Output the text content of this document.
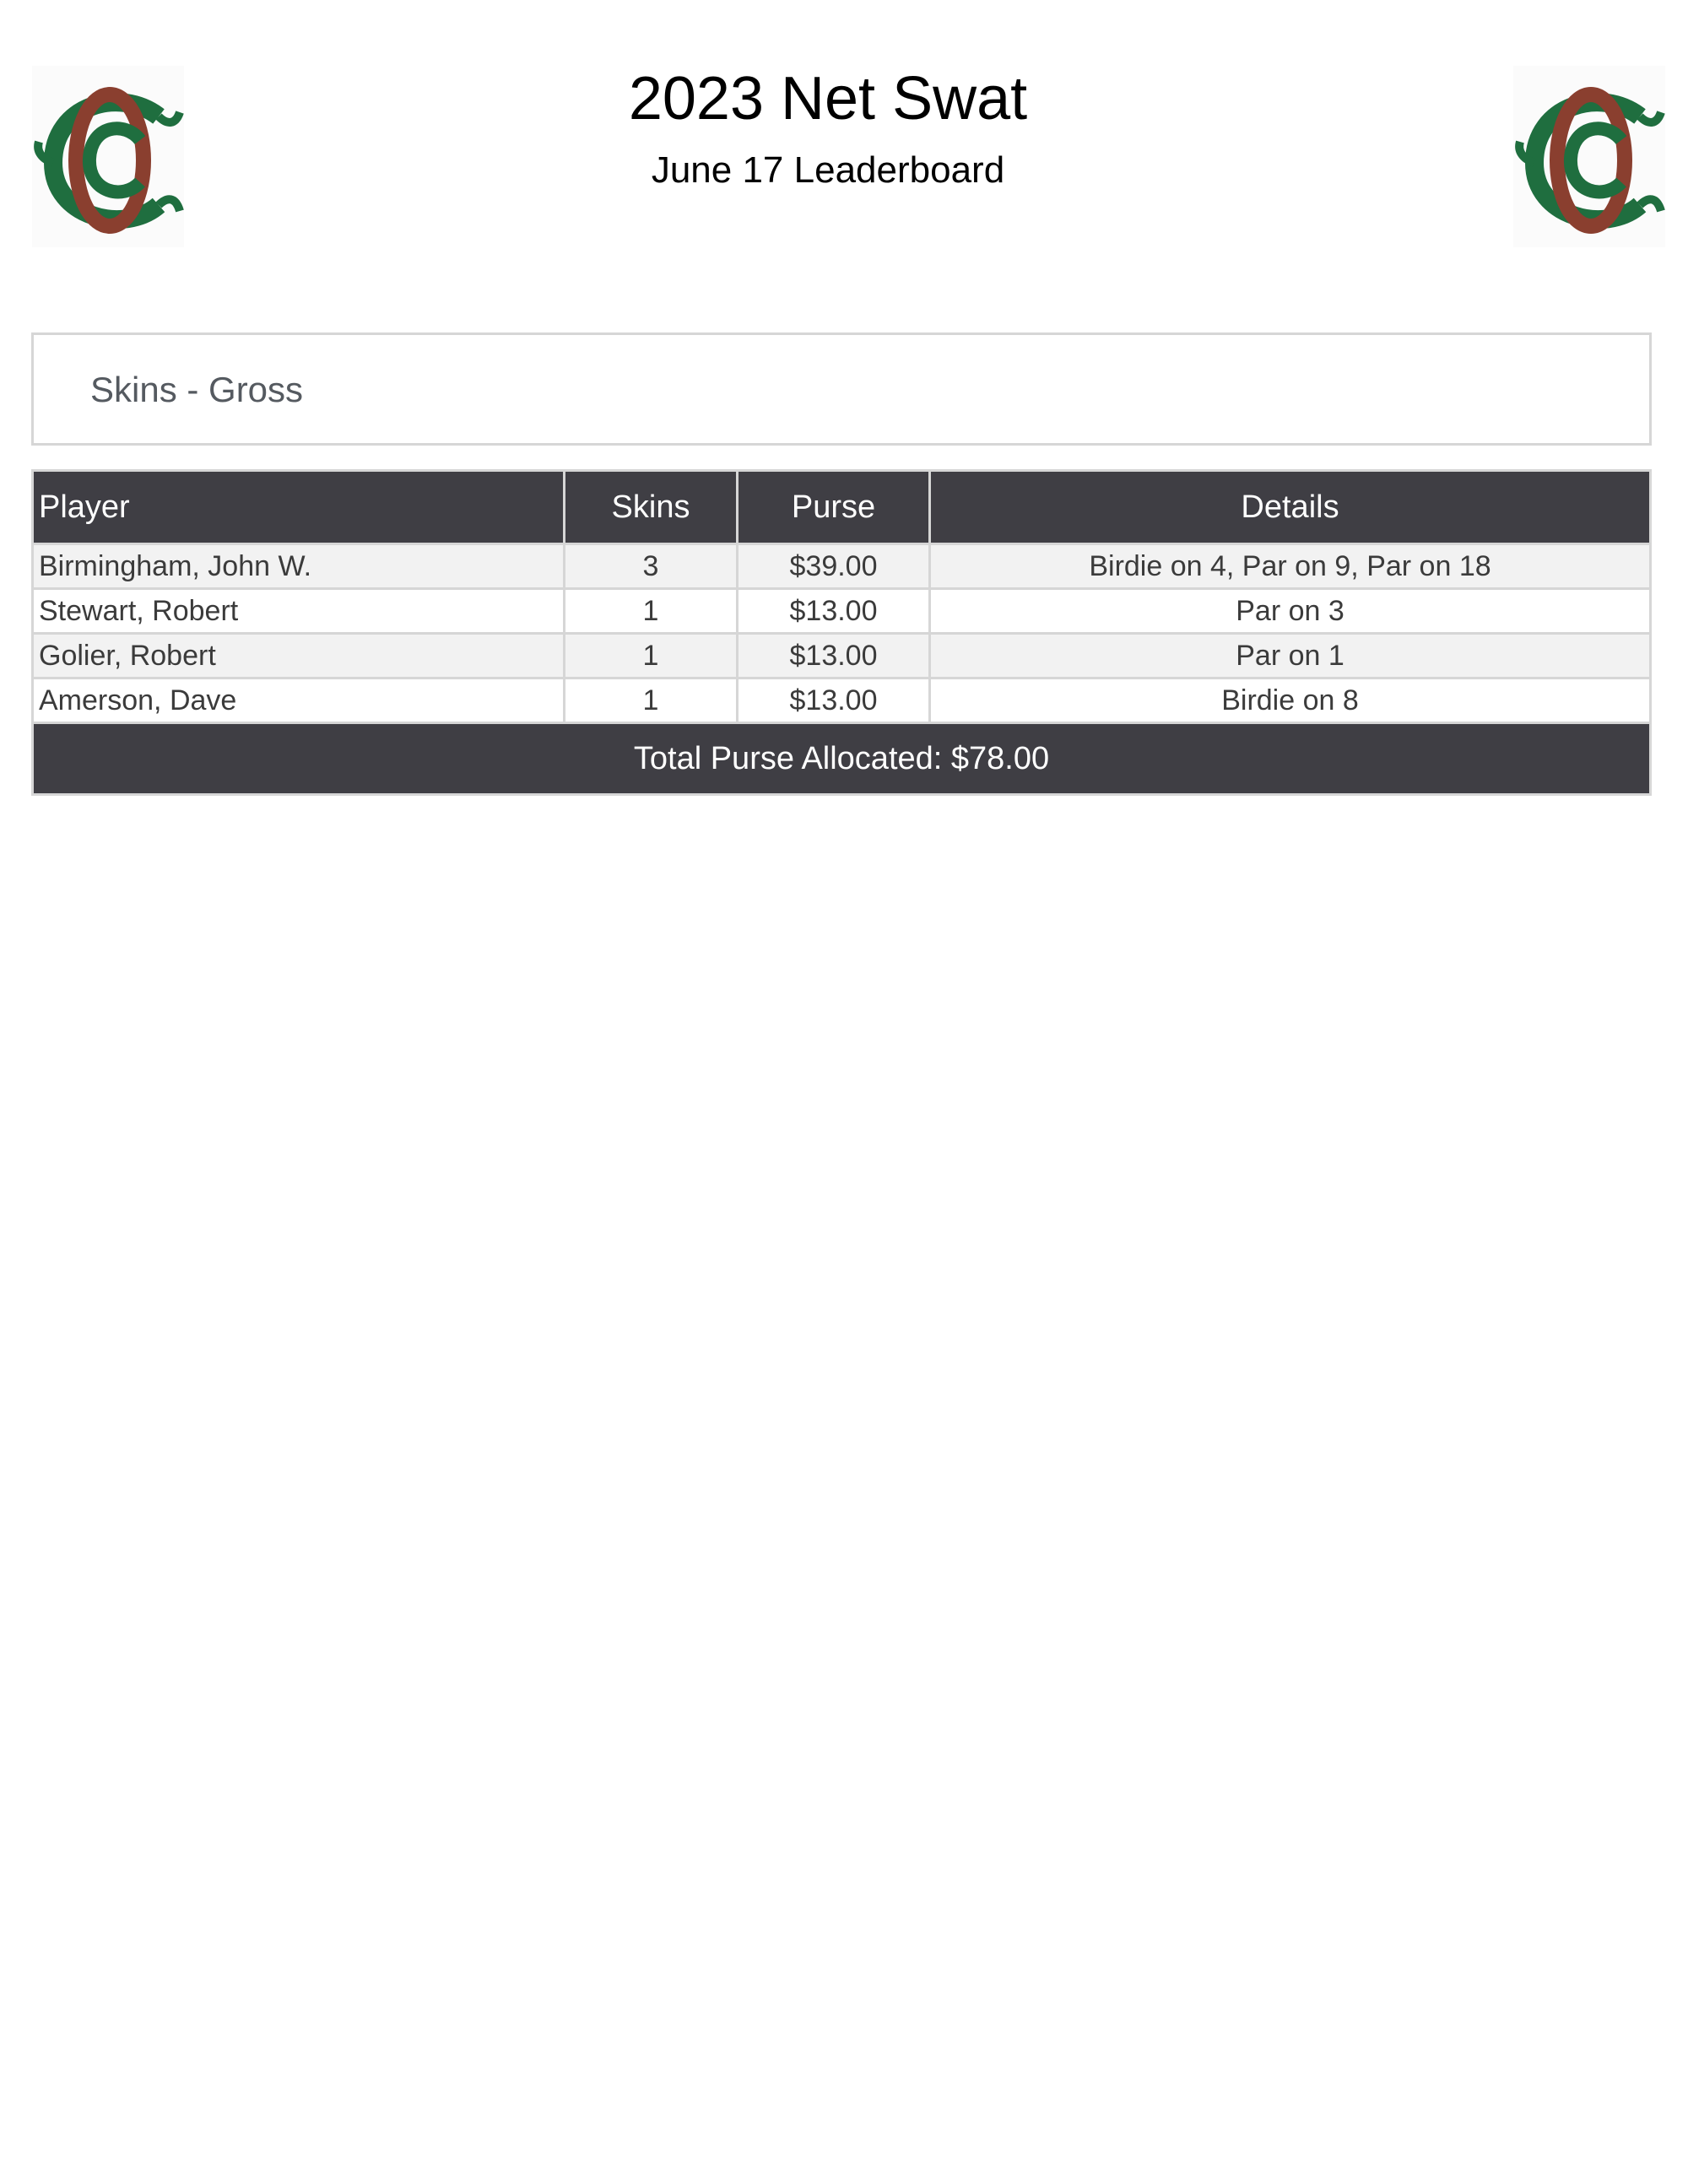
2023 Net Swat
June 17 Leaderboard
Skins - Gross
Player	Skins	Purse	Details
Birmingham, John W.	3	$39.00	Birdie on 4, Par on 9, Par on 18
Stewart, Robert	1	$13.00	Par on 3
Golier, Robert	1	$13.00	Par on 1
Amerson, Dave	1	$13.00	Birdie on 8
Total Purse Allocated: $78.00			
